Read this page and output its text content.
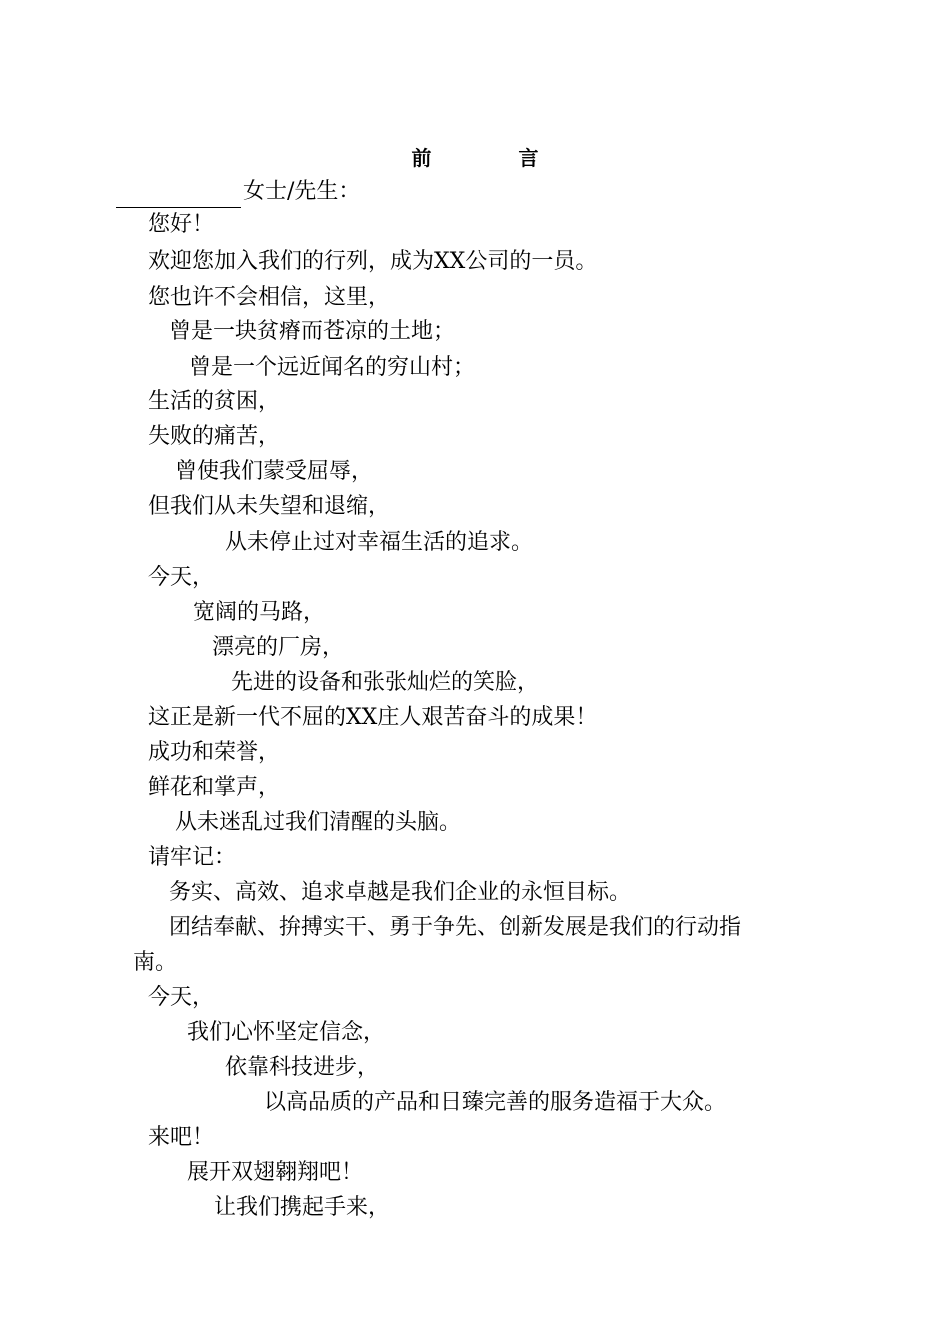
前	言
女士/先生：
您好！
欢迎您加入我们的行列，成为XX公司的一员。
您也许不会相信，这里，
曾是一块贫瘠而苍凉的土地；
曾是一个远近闻名的穷山村；
生活的贫困，
失败的痛苦，
曾使我们蒙受屈辱，
但我们从未失望和退缩，
从未停止过对幸福生活的追求。
今天，
宽阔的马路，
漂亮的厂房，
先进的设备和张张灿烂的笑脸，
这正是新一代不屈的XX庄人艰苦奋斗的成果！
成功和荣誉，
鲜花和掌声，
从未迷乱过我们清醒的头脑。
请牢记：
务实、高效、追求卓越是我们企业的永恒目标。
团结奉献、拚搏实干、勇于争先、创新发展是我们的行动指
南。
今天，
我们心怀坚定信念，
依靠科技进步，
以高品质的产品和日臻完善的服务造福于大众。
来吧！
展开双翅翱翔吧！
让我们携起手来，
